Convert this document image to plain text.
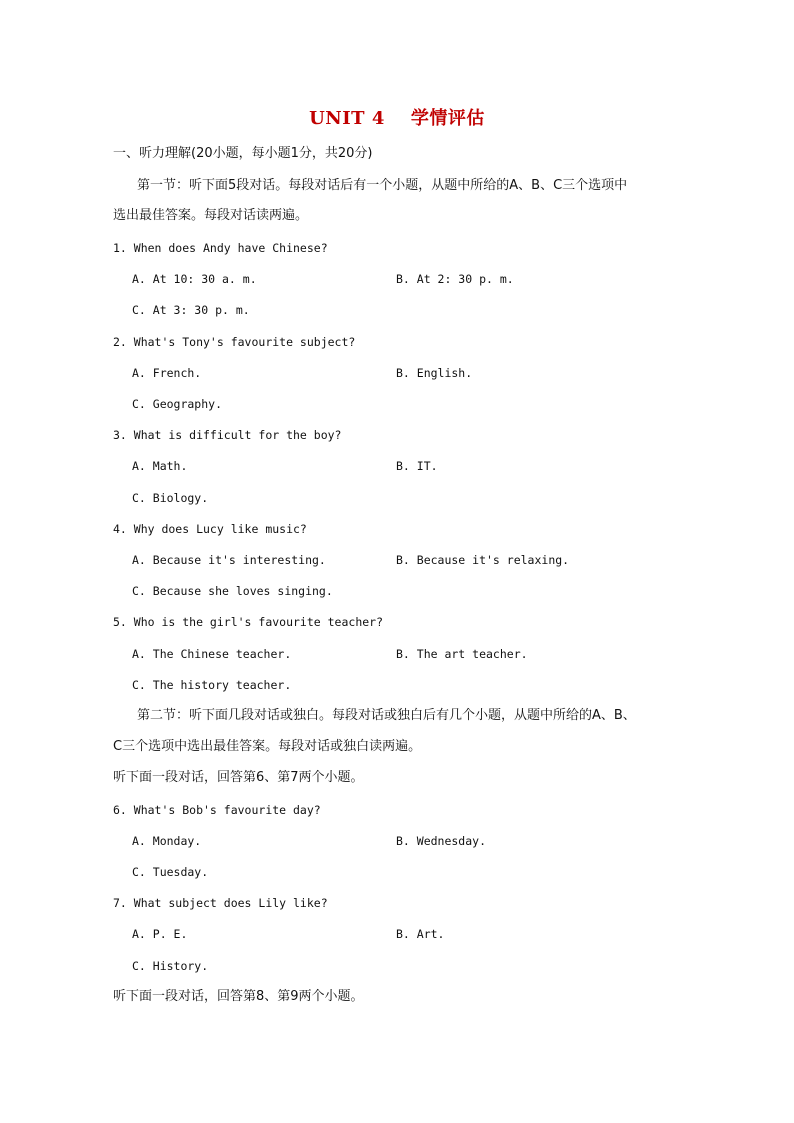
UNIT 4 学情评估
一、听力理解(20小题，每小题1分，共20分)
第一节：听下面5段对话。每段对话后有一个小题，从题中所给的A、B、C三个选项中
选出最佳答案。每段对话读两遍。
1. When does Andy have Chinese?
A. At 10: 30 a. m.	B. At 2: 30 p. m.
C. At 3: 30 p. m.
2. What's Tony's favourite subject?
A. French.	B. English.
C. Geography.
3. What is difficult for the boy?
A. Math.	B. IT.
C. Biology.
4. Why does Lucy like music?
A. Because it's interesting.	B. Because it's relaxing.
C. Because she loves singing.
5. Who is the girl's favourite teacher?
A. The Chinese teacher.	B. The art teacher.
C. The history teacher.
第二节：听下面几段对话或独白。每段对话或独白后有几个小题，从题中所给的A、B、
C三个选项中选出最佳答案。每段对话或独白读两遍。
听下面一段对话，回答第6、第7两个小题。
6. What's Bob's favourite day?
A. Monday.	B. Wednesday.
C. Tuesday.
7. What subject does Lily like?
A. P. E.	B. Art.
C. History.
听下面一段对话，回答第8、第9两个小题。
